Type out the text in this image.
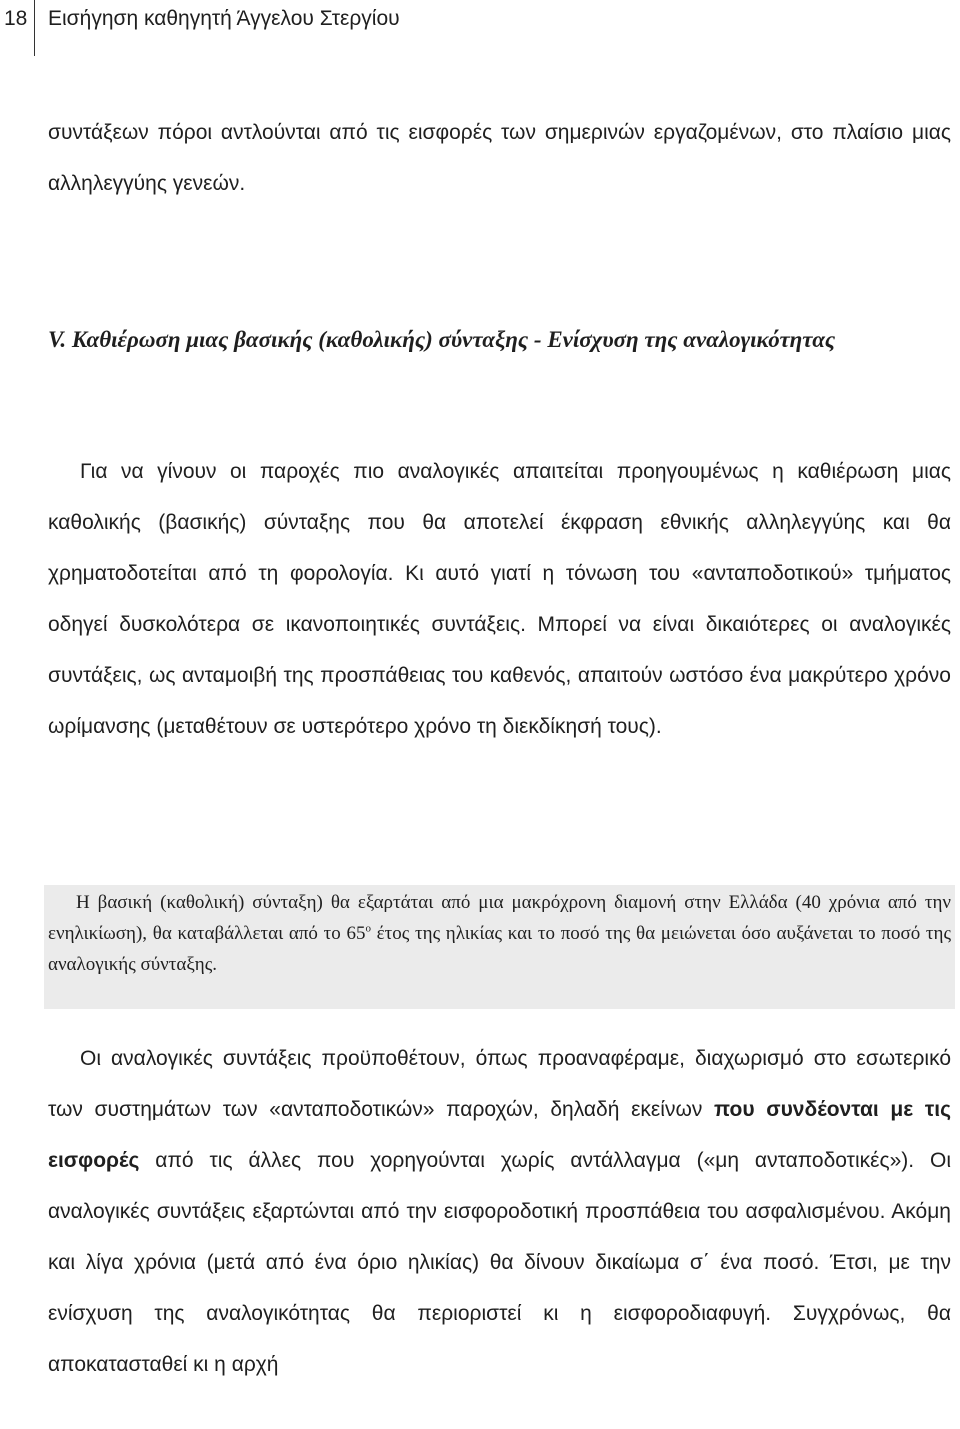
18 Εισήγηση καθηγητή Άγγελου Στεργίου

συντάξεων πόροι αντλούνται από τις εισφορές των σημερινών εργαζομένων, στο πλαίσιο μιας αλληλεγγύης γενεών.

V. Καθιέρωση μιας βασικής (καθολικής) σύνταξης - Ενίσχυση της αναλογικότητας

Για να γίνουν οι παροχές πιο αναλογικές απαιτείται προηγουμένως η καθιέρωση μιας καθολικής (βασικής) σύνταξης που θα αποτελεί έκφραση εθνικής αλληλεγγύης και θα χρηματοδοτείται από τη φορολογία. Κι αυτό γιατί η τόνωση του «ανταποδοτικού» τμήματος οδηγεί δυσκολότερα σε ικανοποιητικές συντάξεις. Μπορεί να είναι δικαιότερες οι αναλογικές συντάξεις, ως ανταμοιβή της προσπάθειας του καθενός, απαιτούν ωστόσο ένα μακρύτερο χρόνο ωρίμανσης (μεταθέτουν σε υστερότερο χρόνο τη διεκδίκησή τους).

Η βασική (καθολική) σύνταξη) θα εξαρτάται από μια μακρόχρονη διαμονή στην Ελλάδα (40 χρόνια από την ενηλικίωση), θα καταβάλλεται από το $65^o$ έτος της ηλικίας και το ποσό της θα μειώνεται όσο αυξάνεται το ποσό της αναλογικής σύνταξης.

Οι αναλογικές συντάξεις προϋποθέτουν, όπως προαναφέραμε, διαχωρισμό στο εσωτερικό των συστημάτων των «ανταποδοτικών» παροχών, δηλαδή εκείνων που συνδέονται με τις εισφορές από τις άλλες που χορηγούνται χωρίς αντάλλαγμα («μη ανταποδοτικές»). Οι αναλογικές συντάξεις εξαρτώνται από την εισφοροδοτική προσπάθεια του ασφαλισμένου. Ακόμη και λίγα χρόνια (μετά από ένα όριο ηλικίας) θα δίνουν δικαίωμα σ΄ ένα ποσό. Έτσι, με την ενίσχυση της αναλογικότητας θα περιοριστεί κι η εισφοροδιαφυγή. Συγχρόνως, θα αποκατασταθεί κι η αρχή
